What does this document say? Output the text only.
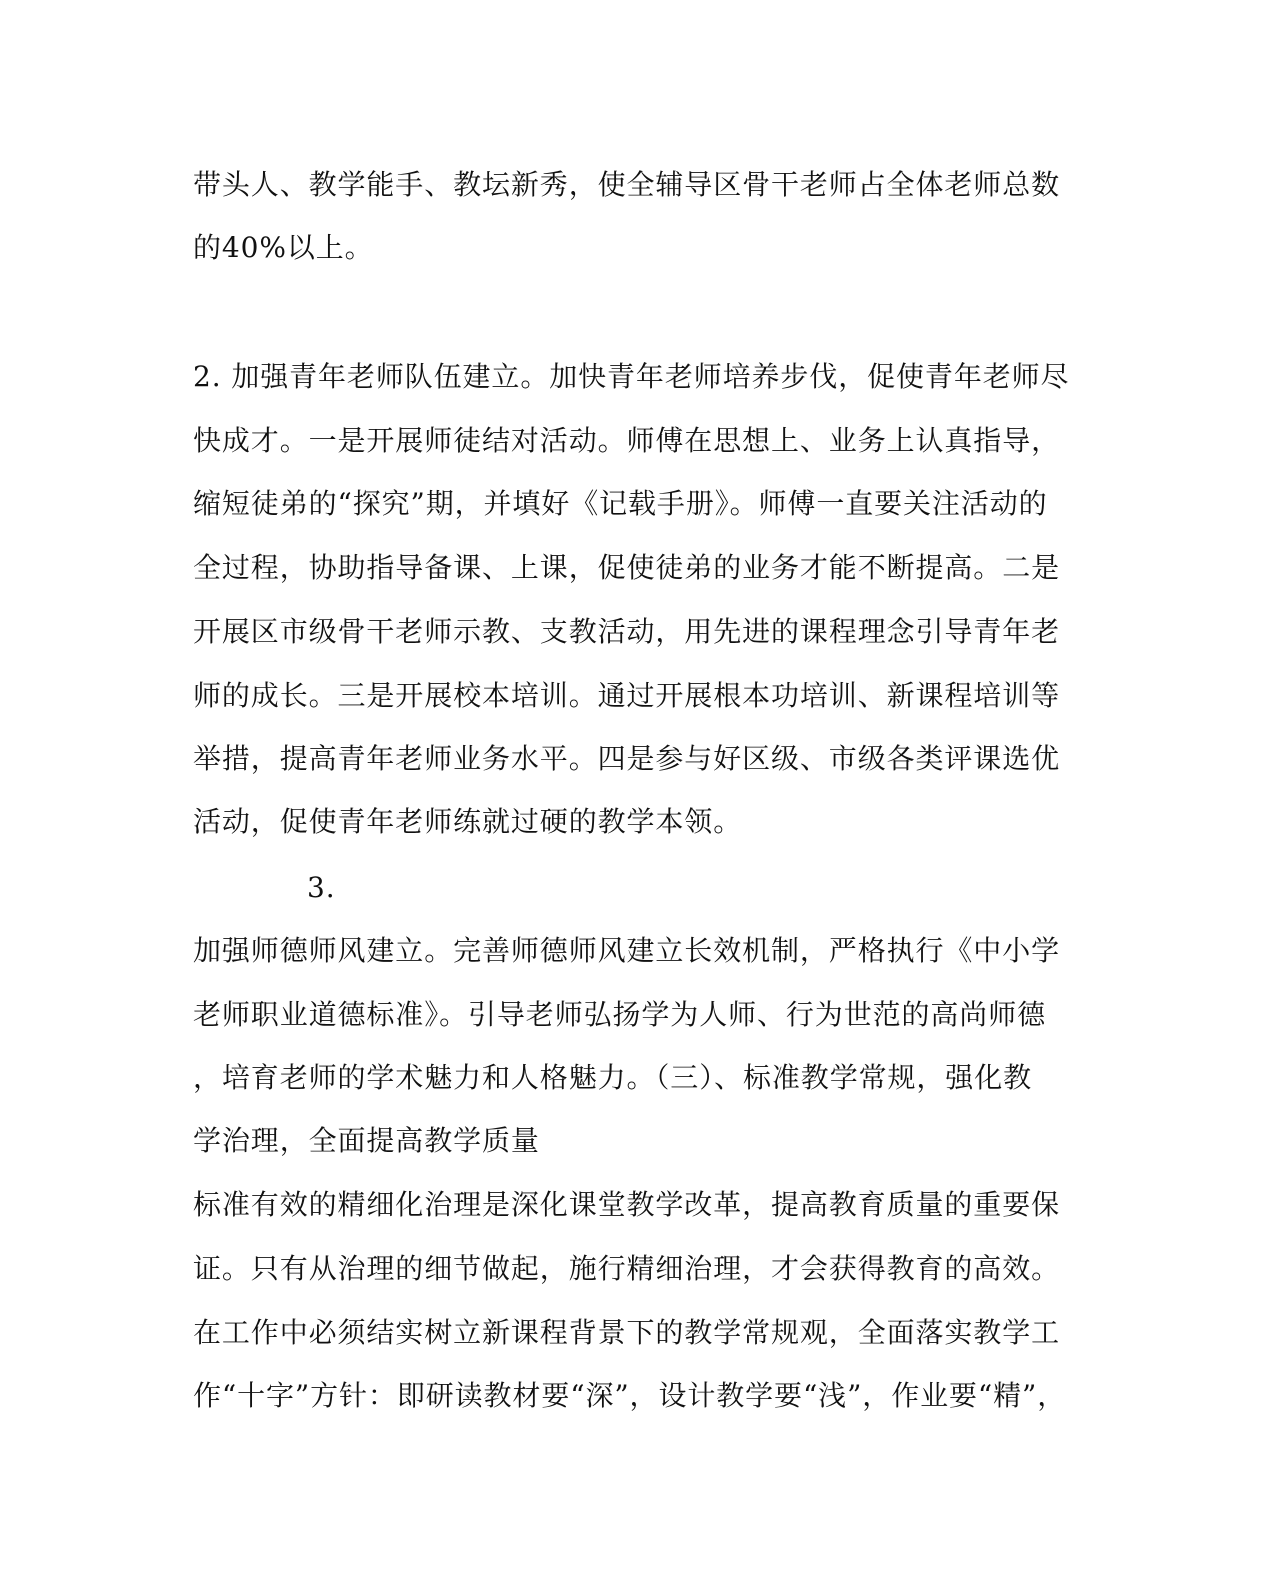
带头人、教学能手、教坛新秀，使全辅导区骨干老师占全体老师总数
的40%以上。
2. 加强青年老师队伍建立。加快青年老师培养步伐，促使青年老师尽
快成才。一是开展师徒结对活动。师傅在思想上、业务上认真指导，
缩短徒弟的“探究”期，并填好《记载手册》。师傅一直要关注活动的
全过程，协助指导备课、上课，促使徒弟的业务才能不断提高。二是
开展区市级骨干老师示教、支教活动，用先进的课程理念引导青年老
师的成长。三是开展校本培训。通过开展根本功培训、新课程培训等
举措，提高青年老师业务水平。四是参与好区级、市级各类评课选优
活动，促使青年老师练就过硬的教学本领。
3.
加强师德师风建立。完善师德师风建立长效机制，严格执行《中小学
老师职业道德标准》。引导老师弘扬学为人师、行为世范的高尚师德
，培育老师的学术魅力和人格魅力。（三）、标准教学常规，强化教
学治理，全面提高教学质量
标准有效的精细化治理是深化课堂教学改革，提高教育质量的重要保
证。只有从治理的细节做起，施行精细治理，才会获得教育的高效。
在工作中必须结实树立新课程背景下的教学常规观，全面落实教学工
作“十字”方针：即研读教材要“深”，设计教学要“浅”，作业要“精”，
